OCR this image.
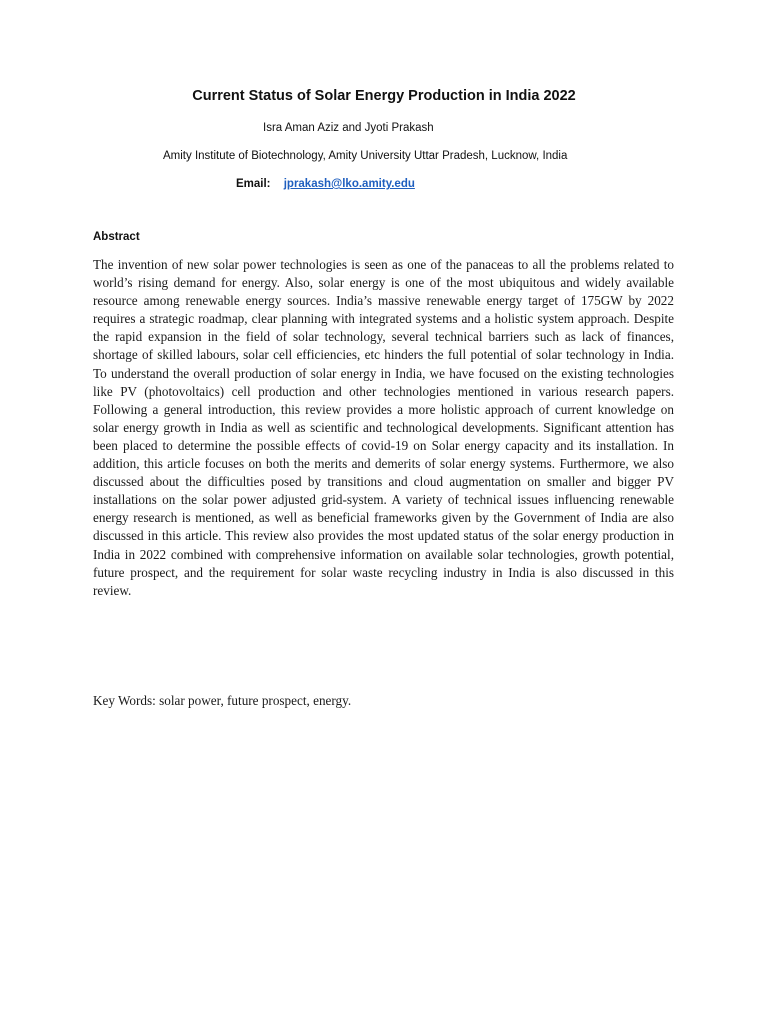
Current Status of Solar Energy Production in India 2022
Isra Aman Aziz and Jyoti Prakash
Amity Institute of Biotechnology, Amity University Uttar Pradesh, Lucknow, India
Email: jprakash@lko.amity.edu
Abstract

The invention of new solar power technologies is seen as one of the panaceas to all the problems related to world’s rising demand for energy. Also, solar energy is one of the most ubiquitous and widely available resource among renewable energy sources. India’s massive renewable energy target of 175GW by 2022 requires a strategic roadmap, clear planning with integrated systems and a holistic system approach. Despite the rapid expansion in the field of solar technology, several technical barriers such as lack of finances, shortage of skilled labours, solar cell efficiencies, etc hinders the full potential of solar technology in India. To understand the overall production of solar energy in India, we have focused on the existing technologies like PV (photovoltaics) cell production and other technologies mentioned in various research papers. Following a general introduction, this review provides a more holistic approach of current knowledge on solar energy growth in India as well as scientific and technological developments. Significant attention has been placed to determine the possible effects of covid-19 on Solar energy capacity and its installation. In addition, this article focuses on both the merits and demerits of solar energy systems. Furthermore, we also discussed about the difficulties posed by transitions and cloud augmentation on smaller and bigger PV installations on the solar power adjusted grid-system. A variety of technical issues influencing renewable energy research is mentioned, as well as beneficial frameworks given by the Government of India are also discussed in this article. This review also provides the most updated status of the solar energy production in India in 2022 combined with comprehensive information on available solar technologies, growth potential, future prospect, and the requirement for solar waste recycling industry in India is also discussed in this review.

Key Words: solar power, future prospect, energy.
